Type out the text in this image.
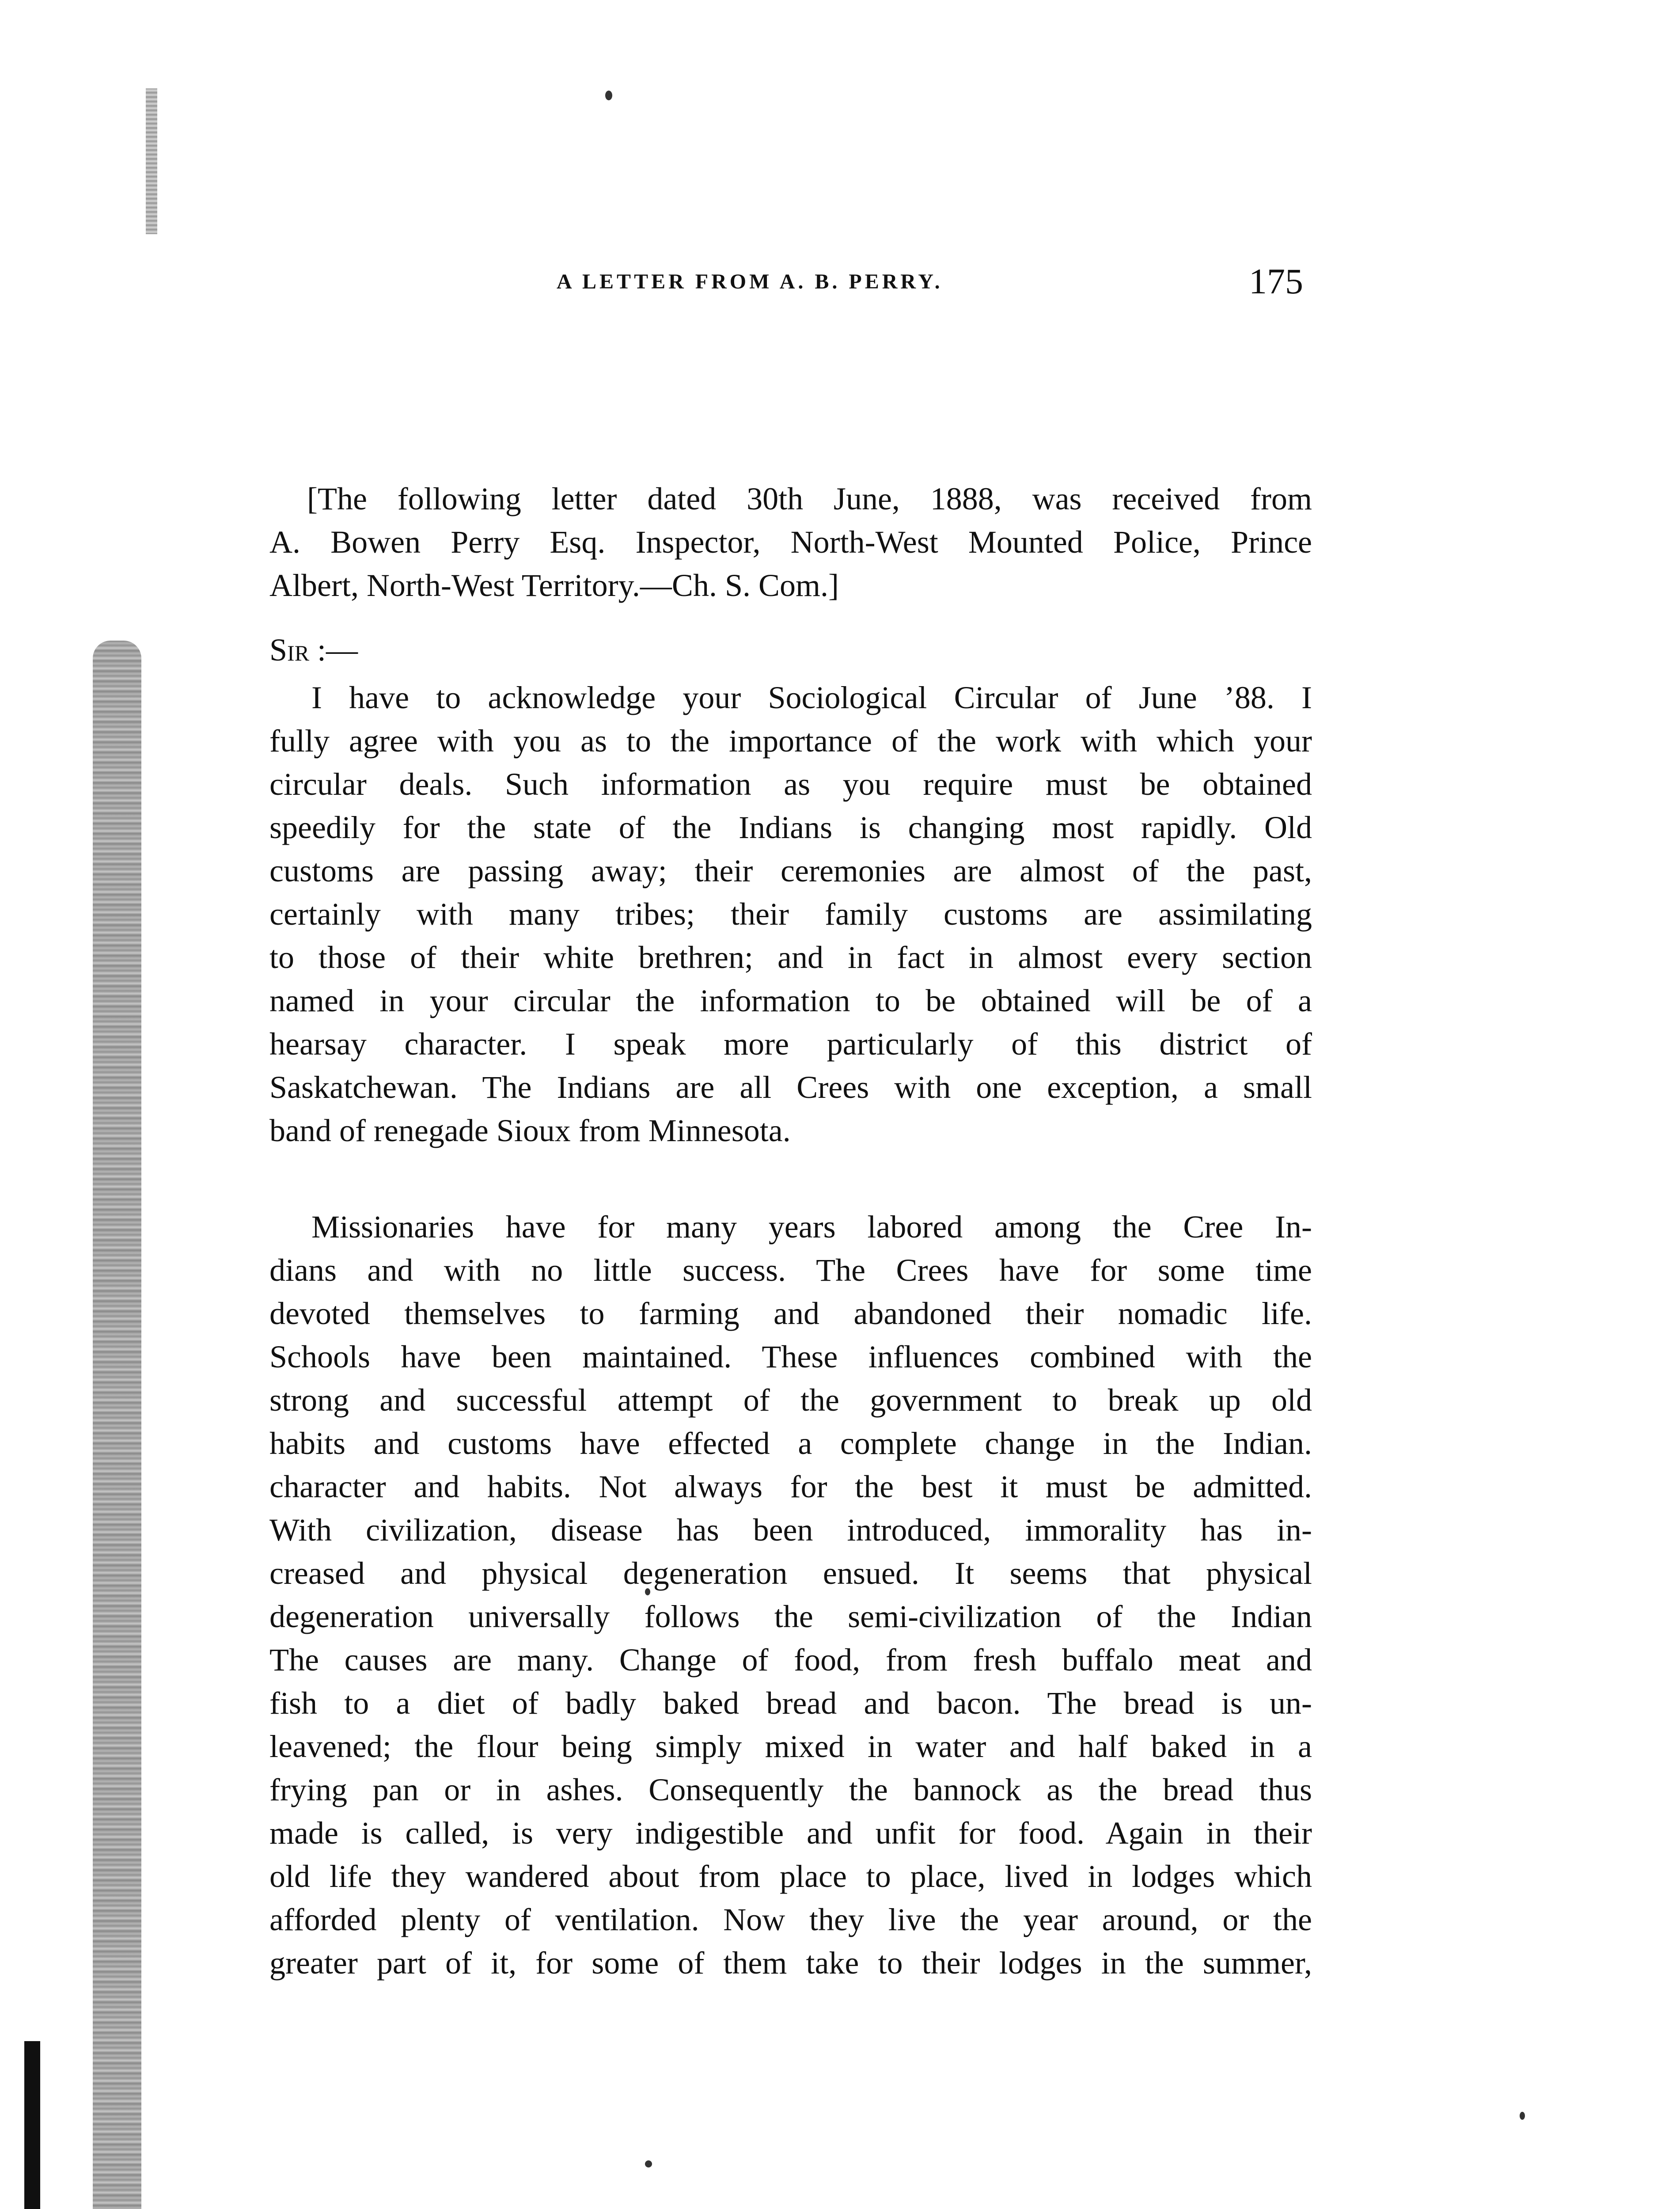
A LETTER FROM A. B. PERRY.	175
[The following letter dated 30th June, 1888, was received from
A. Bowen Perry Esq. Inspector, North-West Mounted Police, Prince
Albert, North-West Territory.—Ch. S. Com.]
Sir :—
I have to acknowledge your Sociological Circular of June ’88. I
fully agree with you as to the importance of the work with which your
circular deals. Such information as you require must be obtained
speedily for the state of the Indians is changing most rapidly. Old
customs are passing away; their ceremonies are almost of the past,
certainly with many tribes; their family customs are assimilating
to those of their white brethren; and in fact in almost every section
named in your circular the information to be obtained will be of a
hearsay character. I speak more particularly of this district of
Saskatchewan. The Indians are all Crees with one exception, a small
band of renegade Sioux from Minnesota.
Missionaries have for many years labored among the Cree In-
dians and with no little success. The Crees have for some time
devoted themselves to farming and abandoned their nomadic life.
Schools have been maintained. These influences combined with the
strong and successful attempt of the government to break up old
habits and customs have effected a complete change in the Indian.
character and habits. Not always for the best it must be admitted.
With civilization, disease has been introduced, immorality has in-
creased and physical degeneration ensued. It seems that physical
degeneration universally follows the semi-civilization of the Indian
The causes are many. Change of food, from fresh buffalo meat and
fish to a diet of badly baked bread and bacon. The bread is un-
leavened; the flour being simply mixed in water and half baked in a
frying pan or in ashes. Consequently the bannock as the bread thus
made is called, is very indigestible and unfit for food. Again in their
old life they wandered about from place to place, lived in lodges which
afforded plenty of ventilation. Now they live the year around, or the
greater part of it, for some of them take to their lodges in the summer,
